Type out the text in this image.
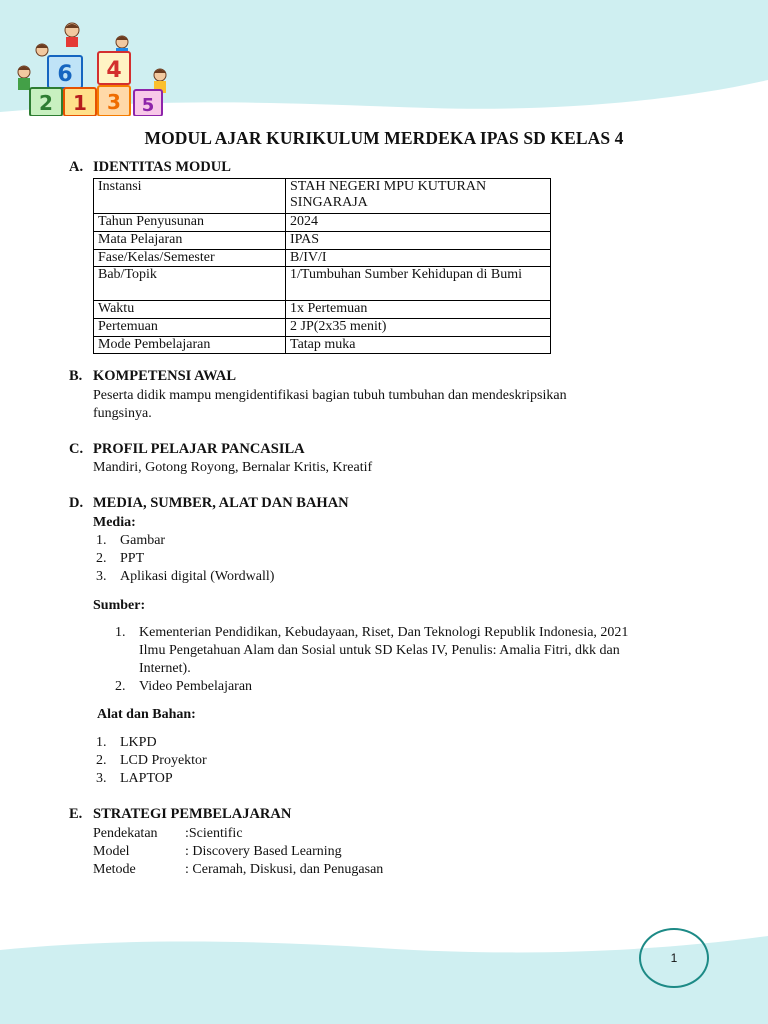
6 4
2 1 3 5
MODUL AJAR KURIKULUM MERDEKA IPAS SD KELAS 4
A. IDENTITAS MODUL
Instansi	STAH NEGERI MPU KUTURAN SINGARAJA
Tahun Penyusunan	2024
Mata Pelajaran	IPAS
Fase/Kelas/Semester	B/IV/I
Bab/Topik	1/Tumbuhan Sumber Kehidupan di Bumi
Waktu	1x Pertemuan
Pertemuan	2 JP(2x35 menit)
Mode Pembelajaran	Tatap muka
B. KOMPETENSI AWAL
Peserta didik mampu mengidentifikasi bagian tubuh tumbuhan dan mendeskripsikan
fungsinya.
C. PROFIL PELAJAR PANCASILA
Mandiri, Gotong Royong, Bernalar Kritis, Kreatif
D. MEDIA, SUMBER, ALAT DAN BAHAN
Media:
1. Gambar
2. PPT
3. Aplikasi digital (Wordwall)
Sumber:
1. Kementerian Pendidikan, Kebudayaan, Riset, Dan Teknologi Republik Indonesia, 2021
Ilmu Pengetahuan Alam dan Sosial untuk SD Kelas IV, Penulis: Amalia Fitri, dkk dan
Internet).
2. Video Pembelajaran
Alat dan Bahan:
1. LKPD
2. LCD Proyektor
3. LAPTOP
E. STRATEGI PEMBELAJARAN
Pendekatan :Scientific
Model	: Discovery Based Learning
Metode	: Ceramah, Diskusi, dan Penugasan
1
